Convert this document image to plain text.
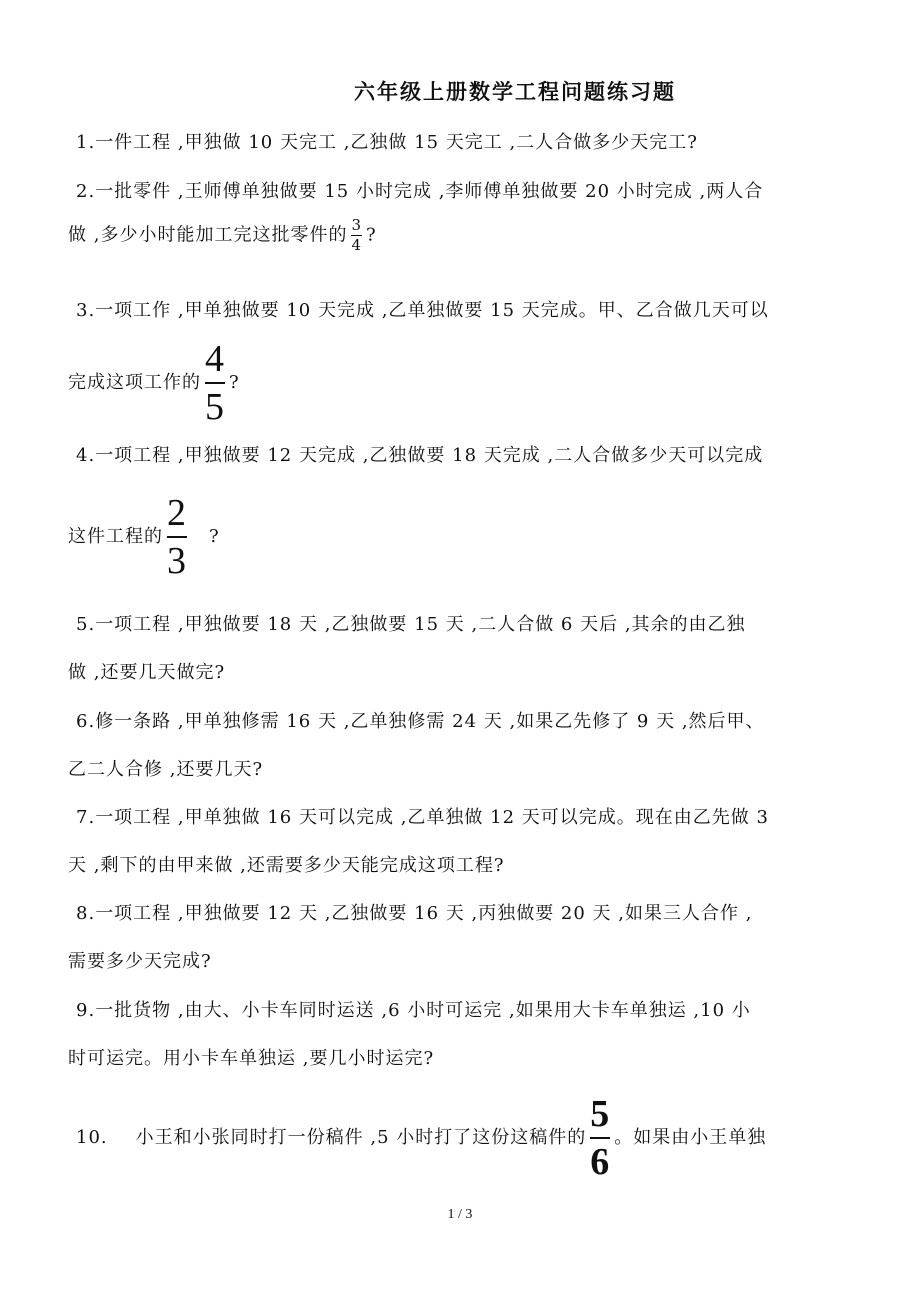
六年级上册数学工程问题练习题
1.一件工程 ,甲独做 10 天完工 ,乙独做 15 天完工 ,二人合做多少天完工?
2.一批零件 ,王师傅单独做要 15 小时完成 ,李师傅单独做要 20 小时完成 ,两人合
做 ,多少小时能加工完这批零件的 $\frac{3}{4}$ ?
3.一项工作 ,甲单独做要 10 天完成 ,乙单独做要 15 天完成。甲、乙合做几天可以
完成这项工作的 $\frac{4}{5}$ ?
4.一项工程 ,甲独做要 12 天完成 ,乙独做要 18 天完成 ,二人合做多少天可以完成
这件工程的 $\frac{2}{3}$ ?
5.一项工程 ,甲独做要 18 天 ,乙独做要 15 天 ,二人合做 6 天后 ,其余的由乙独
做 ,还要几天做完?
6.修一条路 ,甲单独修需 16 天 ,乙单独修需 24 天 ,如果乙先修了 9 天 ,然后甲、
乙二人合修 ,还要几天?
7.一项工程 ,甲单独做 16 天可以完成 ,乙单独做 12 天可以完成。现在由乙先做 3
天 ,剩下的由甲来做 ,还需要多少天能完成这项工程?
8.一项工程 ,甲独做要 12 天 ,乙独做要 16 天 ,丙独做要 20 天 ,如果三人合作 ,
需要多少天完成?
9.一批货物 ,由大、小卡车同时运送 ,6 小时可运完 ,如果用大卡车单独运 ,10 小
时可运完。用小卡车单独运 ,要几小时运完?
10. 小王和小张同时打一份稿件 ,5 小时打了这份这稿件的 $\frac{5}{6}$ 。如果由小王单独
1 / 3
